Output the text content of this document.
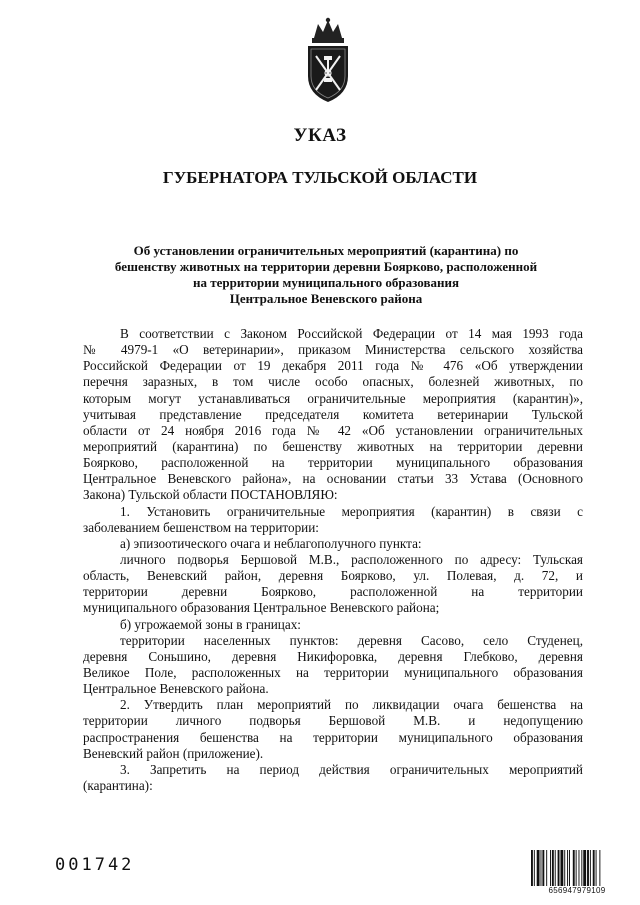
УКАЗ
ГУБЕРНАТОРА ТУЛЬСКОЙ ОБЛАСТИ
Об установлении ограничительных мероприятий (карантина) по
бешенству животных на территории деревни Боярково, расположенной
на территории муниципального образования
Центральное Веневского района
В соответствии с Законом Российской Федерации от 14 мая 1993 года
№ 4979-1 «О ветеринарии», приказом Министерства сельского хозяйства
Российской Федерации от 19 декабря 2011 года № 476 «Об утверждении
перечня заразных, в том числе особо опасных, болезней животных, по
которым могут устанавливаться ограничительные мероприятия (карантин)»,
учитывая представление председателя комитета ветеринарии Тульской
области от 24 ноября 2016 года № 42 «Об установлении ограничительных
мероприятий (карантина) по бешенству животных на территории деревни
Боярково, расположенной на территории муниципального образования
Центральное Веневского района», на основании статьи 33 Устава (Основного
Закона) Тульской области ПОСТАНОВЛЯЮ:
1. Установить ограничительные мероприятия (карантин) в связи с
заболеванием бешенством на территории:
а) эпизоотического очага и неблагополучного пункта:
личного подворья Бершовой М.В., расположенного по адресу: Тульская
область, Веневский район, деревня Боярково, ул. Полевая, д. 72, и
территории деревни Боярково, расположенной на территории
муниципального образования Центральное Веневского района;
б) угрожаемой зоны в границах:
территории населенных пунктов: деревня Сасово, село Студенец,
деревня Соньшино, деревня Никифоровка, деревня Глебково, деревня
Великое Поле, расположенных на территории муниципального образования
Центральное Веневского района.
2. Утвердить план мероприятий по ликвидации очага бешенства на
территории личного подворья Бершовой М.В. и недопущению
распространения бешенства на территории муниципального образования
Веневский район (приложение).
3. Запретить на период действия ограничительных мероприятий
(карантина):
001742
656947979109
